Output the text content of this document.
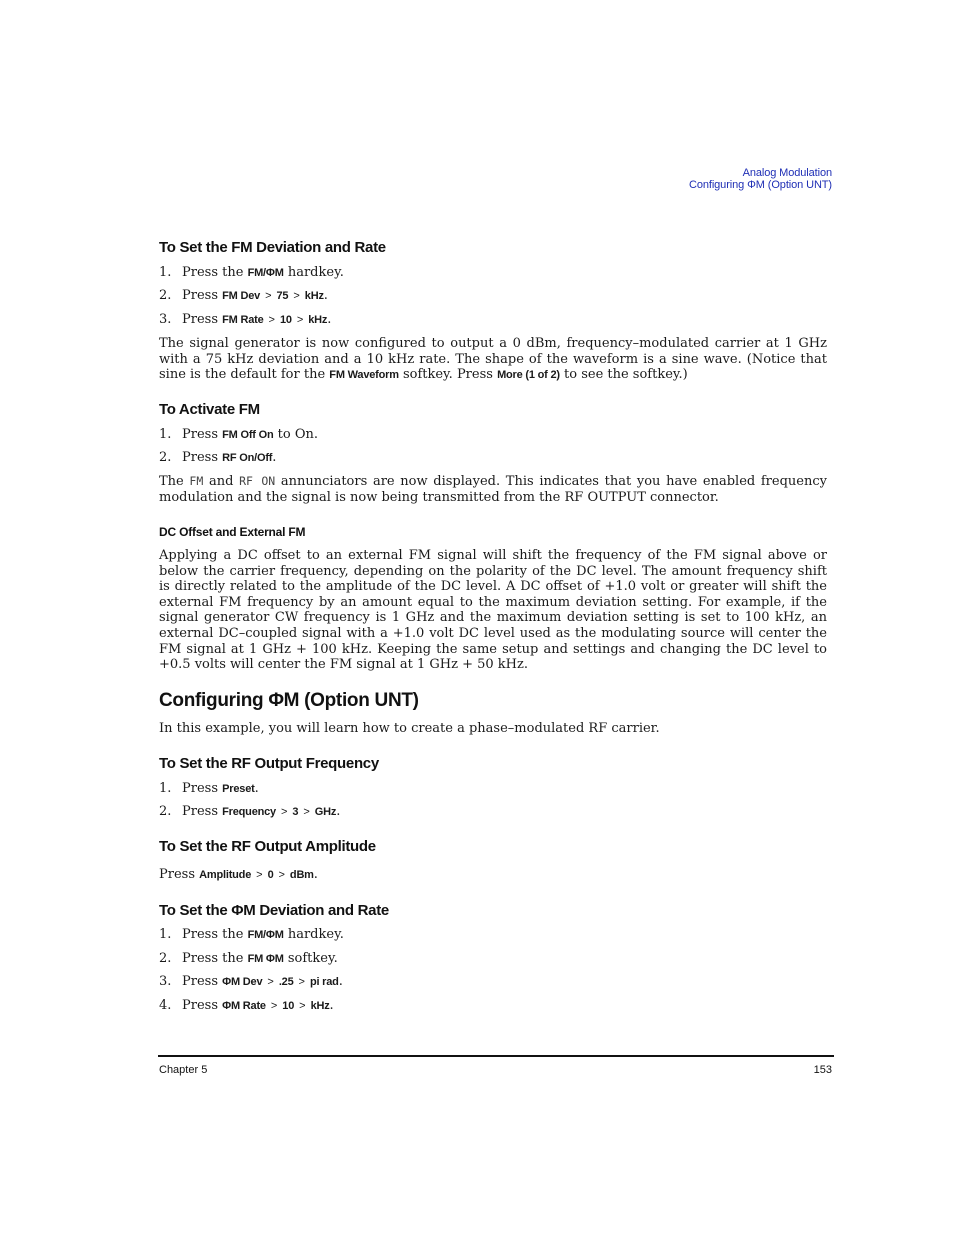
Analog Modulation
Configuring ΦM (Option UNT)
To Set the FM Deviation and Rate
1. Press the FM/ΦM hardkey.
2. Press FM Dev > 75 > kHz.
3. Press FM Rate > 10 > kHz.
The signal generator is now configured to output a 0 dBm, frequency–modulated carrier at 1 GHz with a 75 kHz deviation and a 10 kHz rate. The shape of the waveform is a sine wave. (Notice that sine is the default for the FM Waveform softkey. Press More (1 of 2) to see the softkey.)
To Activate FM
1. Press FM Off On to On.
2. Press RF On/Off.
The FM and RF ON annunciators are now displayed. This indicates that you have enabled frequency modulation and the signal is now being transmitted from the RF OUTPUT connector.
DC Offset and External FM
Applying a DC offset to an external FM signal will shift the frequency of the FM signal above or below the carrier frequency, depending on the polarity of the DC level. The amount frequency shift is directly related to the amplitude of the DC level. A DC offset of +1.0 volt or greater will shift the external FM frequency by an amount equal to the maximum deviation setting. For example, if the signal generator CW frequency is 1 GHz and the maximum deviation setting is set to 100 kHz, an external DC–coupled signal with a +1.0 volt DC level used as the modulating source will center the FM signal at 1 GHz + 100 kHz. Keeping the same setup and settings and changing the DC level to +0.5 volts will center the FM signal at 1 GHz + 50 kHz.
Configuring ΦM (Option UNT)
In this example, you will learn how to create a phase–modulated RF carrier.
To Set the RF Output Frequency
1. Press Preset.
2. Press Frequency > 3 > GHz.
To Set the RF Output Amplitude
Press Amplitude > 0 > dBm.
To Set the ΦM Deviation and Rate
1. Press the FM/ΦM hardkey.
2. Press the FM ΦM softkey.
3. Press ΦM Dev > .25 > pi rad.
4. Press ΦM Rate > 10 > kHz.
Chapter 5	153
